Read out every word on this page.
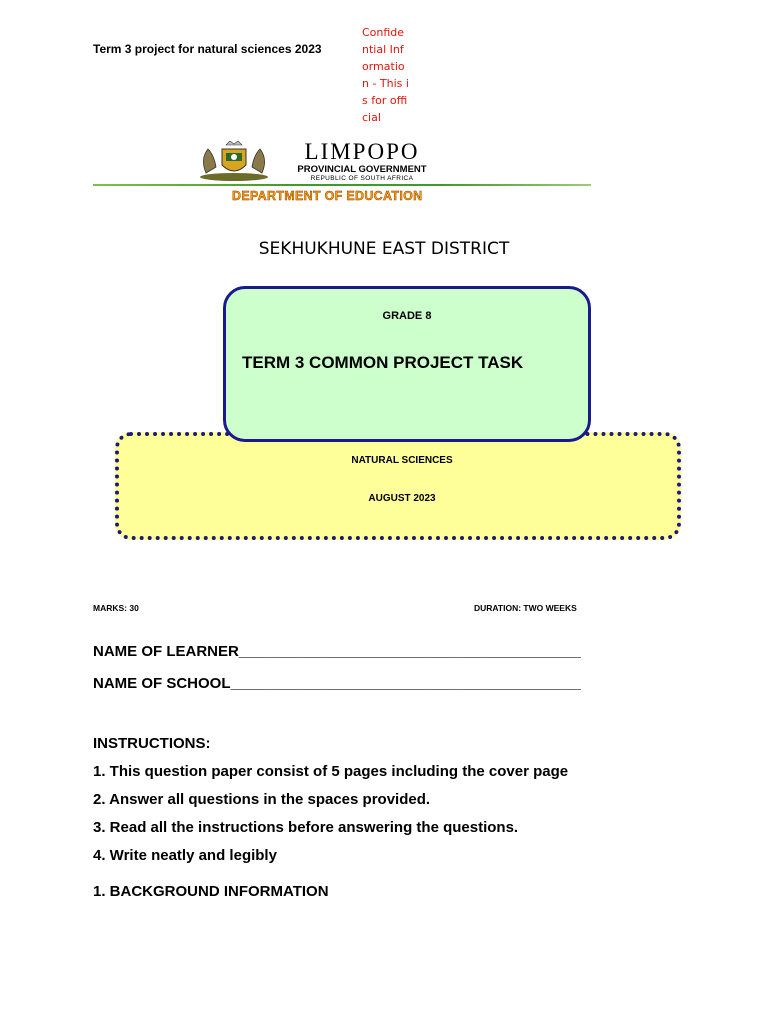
Term 3 project for natural sciences 2023
Confidential Information - This is for official
LIMPOPO
PROVINCIAL GOVERNMENT
REPUBLIC OF SOUTH AFRICA
DEPARTMENT OF EDUCATION
SEKHUKHUNE EAST DISTRICT
NATURAL SCIENCES
AUGUST 2023
GRADE 8
TERM 3 COMMON PROJECT TASK
MARKS: 30	DURATION: TWO WEEKS
NAME OF LEARNER_________________________________________
NAME OF SCHOOL__________________________________________
INSTRUCTIONS:
1. This question paper consist of 5 pages including the cover page
2. Answer all questions in the spaces provided.
3. Read all the instructions before answering the questions.
4. Write neatly and legibly
1. BACKGROUND INFORMATION
